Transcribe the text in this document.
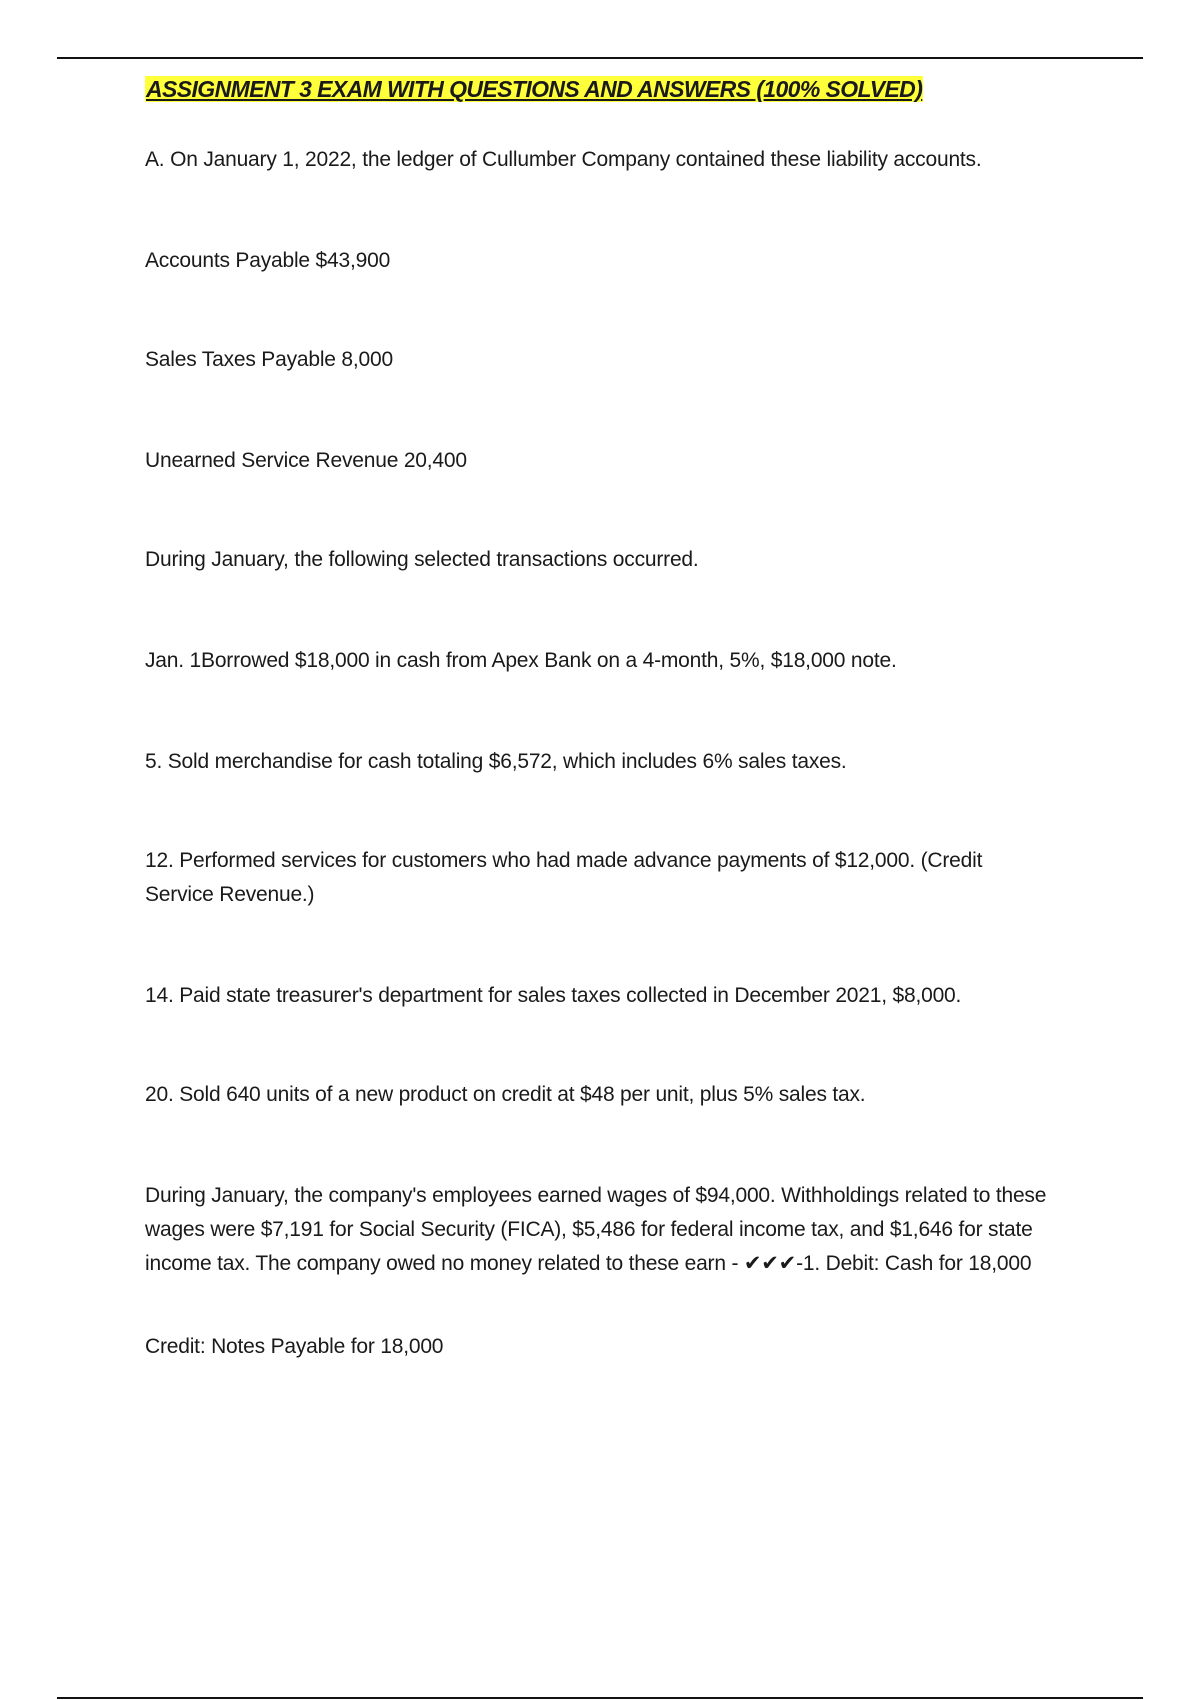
ASSIGNMENT 3 EXAM WITH QUESTIONS AND ANSWERS (100% SOLVED)

A. On January 1, 2022, the ledger of Cullumber Company contained these liability accounts.

Accounts Payable $43,900

Sales Taxes Payable 8,000

Unearned Service Revenue 20,400

During January, the following selected transactions occurred.

Jan. 1Borrowed $18,000 in cash from Apex Bank on a 4-month, 5%, $18,000 note.

5. Sold merchandise for cash totaling $6,572, which includes 6% sales taxes.

12. Performed services for customers who had made advance payments of $12,000. (Credit Service Revenue.)

14. Paid state treasurer's department for sales taxes collected in December 2021, $8,000.

20. Sold 640 units of a new product on credit at $48 per unit, plus 5% sales tax.

During January, the company's employees earned wages of $94,000. Withholdings related to these wages were $7,191 for Social Security (FICA), $5,486 for federal income tax, and $1,646 for state income tax. The company owed no money related to these earn - ✔✔✔-1. Debit: Cash for 18,000

Credit: Notes Payable for 18,000
